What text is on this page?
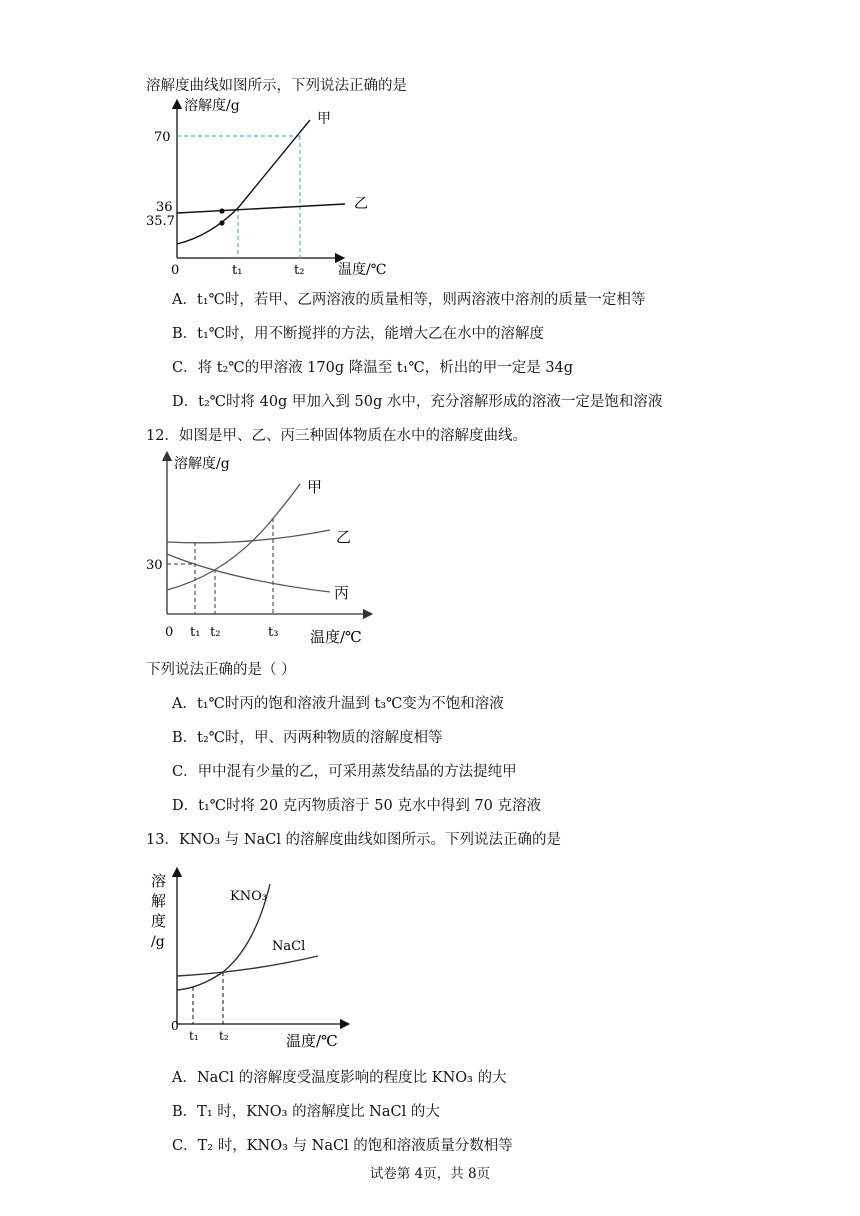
溶解度曲线如图所示，下列说法正确的是
溶解度/g
温度/℃
0
70
36
35.7
t₁	t₂
甲
乙
A．t₁℃时，若甲、乙两溶液的质量相等，则两溶液中溶剂的质量一定相等
B．t₁℃时，用不断搅拌的方法，能增大乙在水中的溶解度
C．将 t₂℃的甲溶液 170g 降温至 t₁℃，析出的甲一定是 34g
D．t₂℃时将 40g 甲加入到 50g 水中，充分溶解形成的溶液一定是饱和溶液
12．如图是甲、乙、丙三种固体物质在水中的溶解度曲线。
溶解度/g
温度/℃
0
30
t₁ t₂	t₃
甲
乙
丙
下列说法正确的是（ ）
A．t₁℃时丙的饱和溶液升温到 t₃℃变为不饱和溶液
B．t₂℃时，甲、丙两种物质的溶解度相等
C．甲中混有少量的乙，可采用蒸发结晶的方法提纯甲
D．t₁℃时将 20 克丙物质溶于 50 克水中得到 70 克溶液
13．KNO₃ 与 NaCl 的溶解度曲线如图所示。下列说法正确的是
溶
解
度
/g
温度/℃
0
t₁ t₂
KNO₃
NaCl
A．NaCl 的溶解度受温度影响的程度比 KNO₃ 的大
B．T₁ 时，KNO₃ 的溶解度比 NaCl 的大
C．T₂ 时，KNO₃ 与 NaCl 的饱和溶液质量分数相等
试卷第 4页，共 8页
